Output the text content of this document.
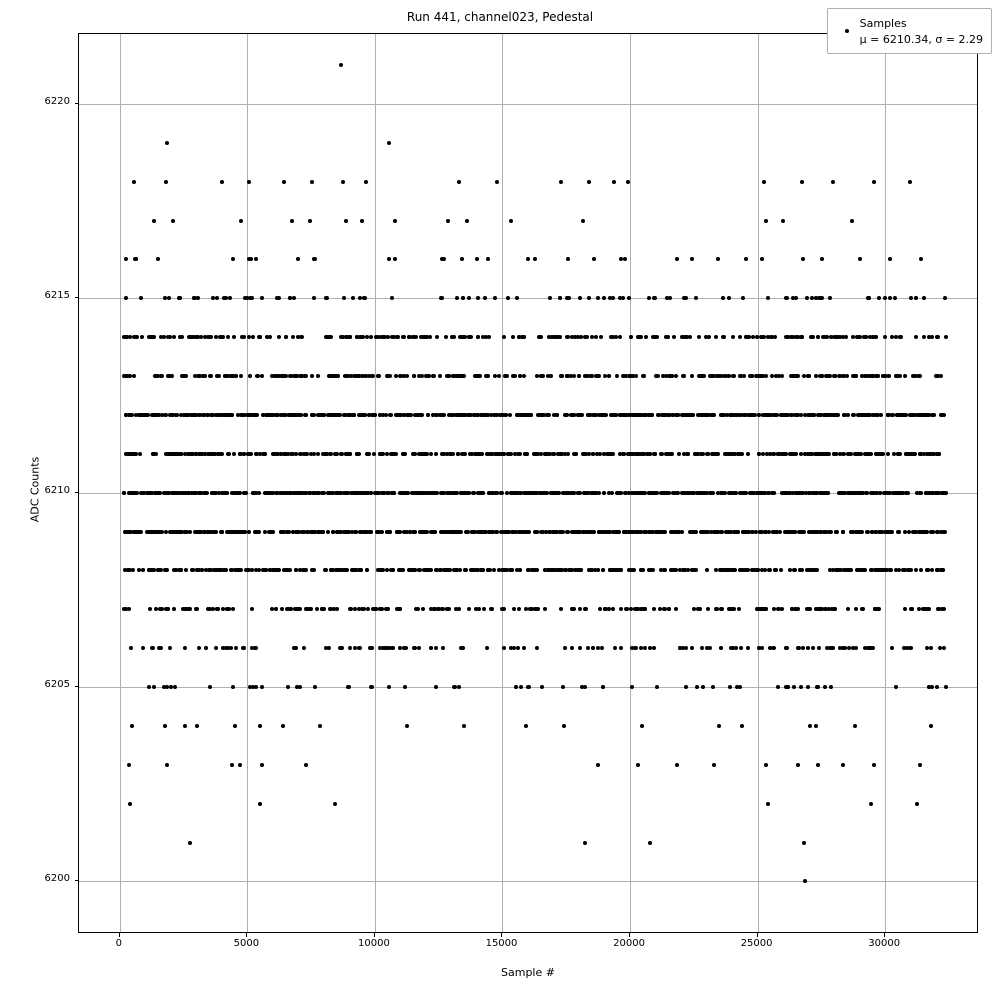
Run 441, channel023, Pedestal
Sample #
ADC Counts
Samples
μ = 6210.34, σ = 2.29
0	5000	10000	15000	20000	25000	30000
6200
6205
6210
6215
6220
